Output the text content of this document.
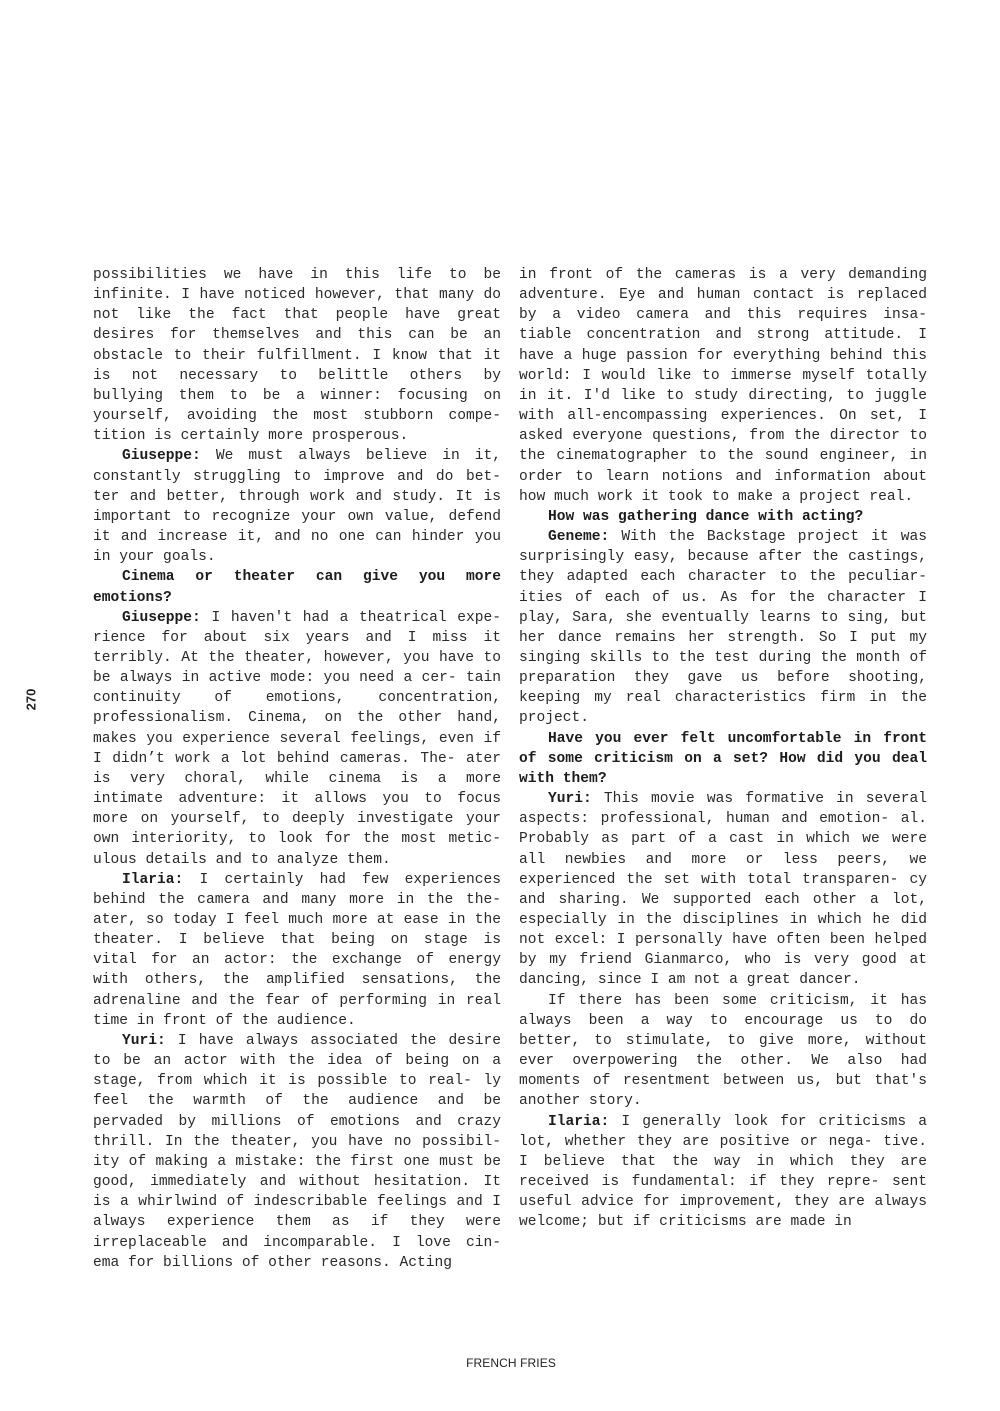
270

possibilities we have in this life to be infinite. I have noticed however, that many do not like the fact that people have great desires for themselves and this can be an obstacle to their fulfillment. I know that it is not necessary to belittle others by bullying them to be a winner: focusing on yourself, avoiding the most stubborn compe- tition is certainly more prosperous.

Giuseppe: We must always believe in it, constantly struggling to improve and do bet- ter and better, through work and study. It is important to recognize your own value, defend it and increase it, and no one can hinder you in your goals.

Cinema or theater can give you more emotions?

Giuseppe: I haven't had a theatrical expe- rience for about six years and I miss it terribly. At the theater, however, you have to be always in active mode: you need a cer- tain continuity of emotions, concentration, professionalism. Cinema, on the other hand, makes you experience several feelings, even if I didn’t work a lot behind cameras. The- ater is very choral, while cinema is a more intimate adventure: it allows you to focus more on yourself, to deeply investigate your own interiority, to look for the most metic- ulous details and to analyze them.

Ilaria: I certainly had few experiences behind the camera and many more in the the- ater, so today I feel much more at ease in the theater. I believe that being on stage is vital for an actor: the exchange of energy with others, the amplified sensations, the adrenaline and the fear of performing in real time in front of the audience.

Yuri: I have always associated the desire to be an actor with the idea of being on a stage, from which it is possible to real- ly feel the warmth of the audience and be pervaded by millions of emotions and crazy thrill. In the theater, you have no possibil- ity of making a mistake: the first one must be good, immediately and without hesitation. It is a whirlwind of indescribable feelings and I always experience them as if they were irreplaceable and incomparable. I love cin- ema for billions of other reasons. Acting

in front of the cameras is a very demanding adventure. Eye and human contact is replaced by a video camera and this requires insa- tiable concentration and strong attitude. I have a huge passion for everything behind this world: I would like to immerse myself totally in it. I'd like to study directing, to juggle with all-encompassing experiences. On set, I asked everyone questions, from the director to the cinematographer to the sound engineer, in order to learn notions and information about how much work it took to make a project real.

How was gathering dance with acting?

Geneme: With the Backstage project it was surprisingly easy, because after the castings, they adapted each character to the peculiar- ities of each of us. As for the character I play, Sara, she eventually learns to sing, but her dance remains her strength. So I put my singing skills to the test during the month of preparation they gave us before shooting, keeping my real characteristics firm in the project.

Have you ever felt uncomfortable in front of some criticism on a set? How did you deal with them?

Yuri: This movie was formative in several aspects: professional, human and emotion- al. Probably as part of a cast in which we were all newbies and more or less peers, we experienced the set with total transparen- cy and sharing. We supported each other a lot, especially in the disciplines in which he did not excel: I personally have often been helped by my friend Gianmarco, who is very good at dancing, since I am not a great dancer.

If there has been some criticism, it has always been a way to encourage us to do better, to stimulate, to give more, without ever overpowering the other. We also had moments of resentment between us, but that's another story.

Ilaria: I generally look for criticisms a lot, whether they are positive or nega- tive. I believe that the way in which they are received is fundamental: if they repre- sent useful advice for improvement, they are always welcome; but if criticisms are made in

FRENCH FRIES
